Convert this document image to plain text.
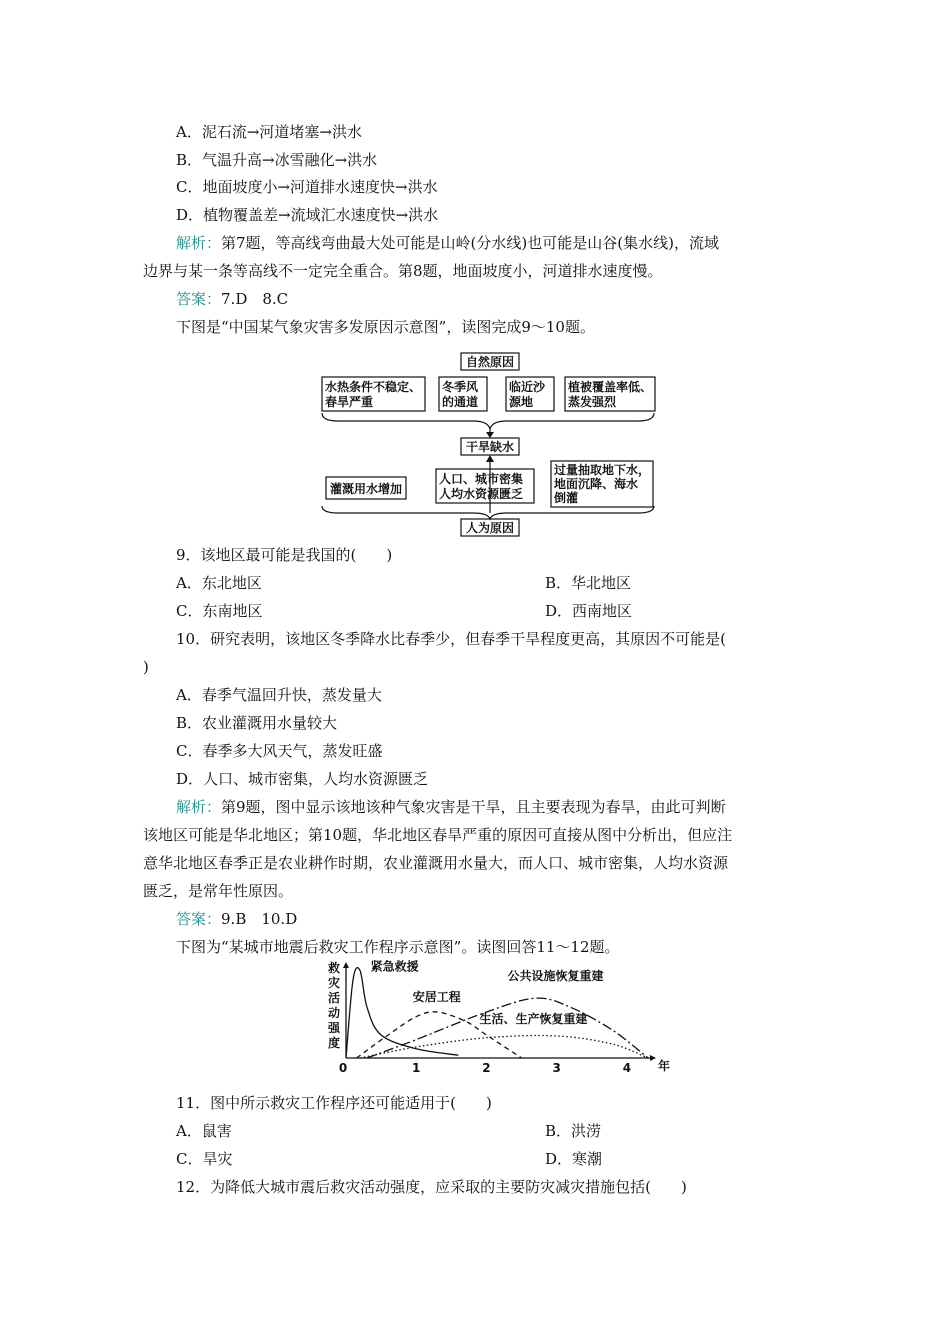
A．泥石流→河道堵塞→洪水
B．气温升高→冰雪融化→洪水
C．地面坡度小→河道排水速度快→洪水
D．植物覆盖差→流域汇水速度快→洪水
解析：第7题，等高线弯曲最大处可能是山岭(分水线)也可能是山谷(集水线)，流域
边界与某一条等高线不一定完全重合。第8题，地面坡度小，河道排水速度慢。
答案：7.D　8.C
下图是“中国某气象灾害多发原因示意图”，读图完成9～10题。
自然原因
水热条件不稳定、
春旱严重
冬季风
的通道
临近沙
源地
植被覆盖率低、
蒸发强烈
干旱缺水
灌溉用水增加
人口、城市密集
人均水资源匮乏
过量抽取地下水，
地面沉降、海水
倒灌
人为原因
9．该地区最可能是我国的(　　)
A．东北地区	B．华北地区
C．东南地区	D．西南地区
10．研究表明，该地区冬季降水比春季少，但春季干旱程度更高，其原因不可能是(
)
A．春季气温回升快，蒸发量大
B．农业灌溉用水量较大
C．春季多大风天气，蒸发旺盛
D．人口、城市密集，人均水资源匮乏
解析：第9题，图中显示该地该种气象灾害是干旱，且主要表现为春旱，由此可判断
该地区可能是华北地区；第10题，华北地区春旱严重的原因可直接从图中分析出，但应注
意华北地区春季正是农业耕作时期，农业灌溉用水量大，而人口、城市密集，人均水资源
匮乏，是常年性原因。
答案：9.B　10.D
下图为“某城市地震后救灾工作程序示意图”。读图回答11～12题。
救
灾
活
动
强
度
0	1	2	3	4 年
紧急救援
安居工程
公共设施恢复重建
生活、生产恢复重建
11．图中所示救灾工作程序还可能适用于(　　)
A．鼠害	B．洪涝
C．旱灾	D．寒潮
12．为降低大城市震后救灾活动强度，应采取的主要防灾减灾措施包括(　　)
